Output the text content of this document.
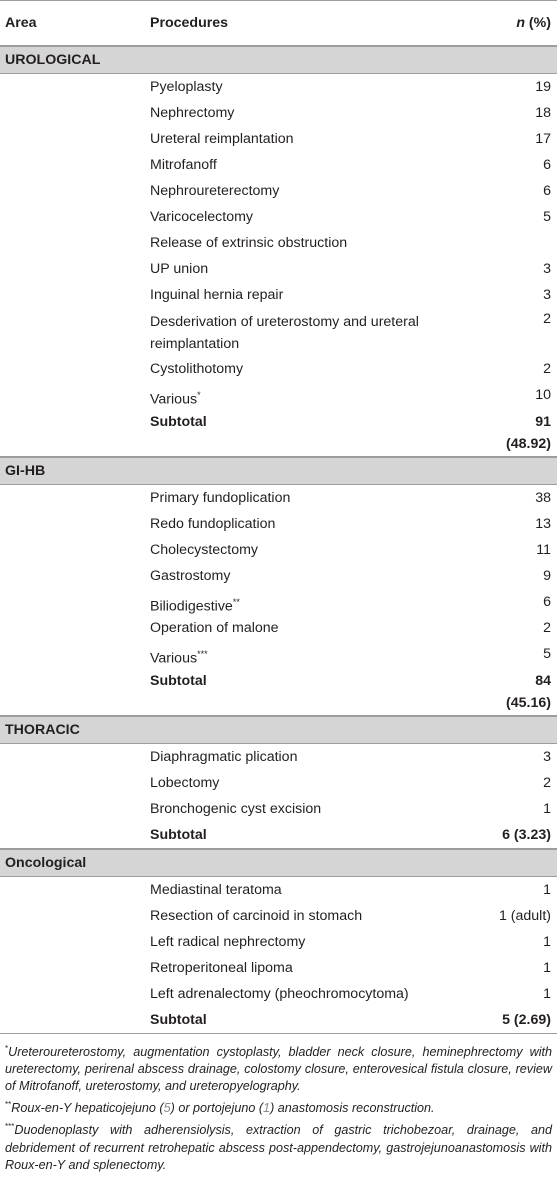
Area	Procedures	n (%)
UROLOGICAL
Pyeloplasty	19
Nephrectomy	18
Ureteral reimplantation	17
Mitrofanoff	6
Nephroureterectomy	6
Varicocelectomy	5
Release of extrinsic obstruction
UP union	3
Inguinal hernia repair	3
Desderivation of ureterostomy and ureteral reimplantation
2
Cystolithotomy	2
Various*	10
Subtotal	91
(48.92)
GI-HB
Primary fundoplication	38
Redo fundoplication	13
Cholecystectomy	11
Gastrostomy	9
Biliodigestive**	6
Operation of malone	2
Various***	5
Subtotal	84
(45.16)
THORACIC
Diaphragmatic plication	3
Lobectomy	2
Bronchogenic cyst excision	1
Subtotal	6 (3.23)
Oncological
Mediastinal teratoma	1
Resection of carcinoid in stomach	1 (adult)
Left radical nephrectomy	1
Retroperitoneal lipoma	1
Left adrenalectomy (pheochromocytoma)	1
Subtotal	5 (2.69)

*Ureteroureterostomy, augmentation cystoplasty, bladder neck closure, heminephrectomy with ureterectomy, perirenal abscess drainage, colostomy closure, enterovesical fistula closure, review of Mitrofanoff, ureterostomy, and ureteropyelography.

**Roux-en-Y hepaticojejuno (5) or portojejuno (1) anastomosis reconstruction.

***Duodenoplasty with adherensiolysis, extraction of gastric trichobezoar, drainage, and debridement of recurrent retrohepatic abscess post-appendectomy, gastrojejunoanastomosis with Roux-en-Y and splenectomy.
